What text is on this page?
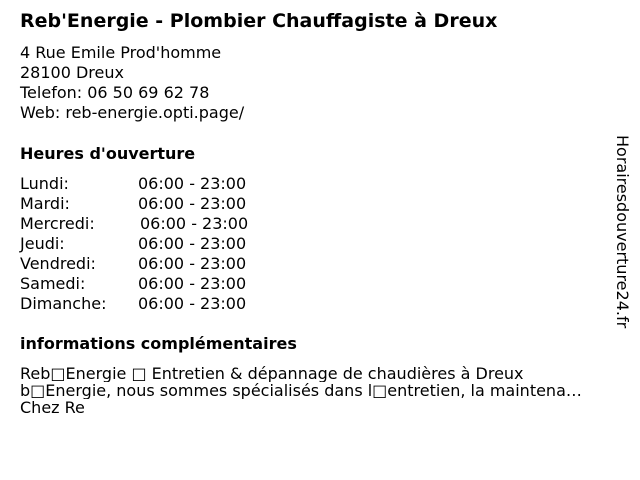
Reb'Energie - Plombier Chauffagiste à Dreux
4 Rue Emile Prod'homme
28100 Dreux
Telefon: 06 50 69 62 78
Web: reb-energie.opti.page/
Heures d'ouverture
Lundi:	06:00 - 23:00
Mardi:	06:00 - 23:00
Mercredi:	06:00 - 23:00
Jeudi:	06:00 - 23:00
Vendredi:	06:00 - 23:00
Samedi:	06:00 - 23:00
Dimanche: 06:00 - 23:00
informations complémentaires
Reb□Energie □ Entretien & dépannage de chaudières à Dreux
b□Energie, nous sommes spécialisés dans l□entretien, la maintena…
Chez Re
Horairesdouverture24.fr
